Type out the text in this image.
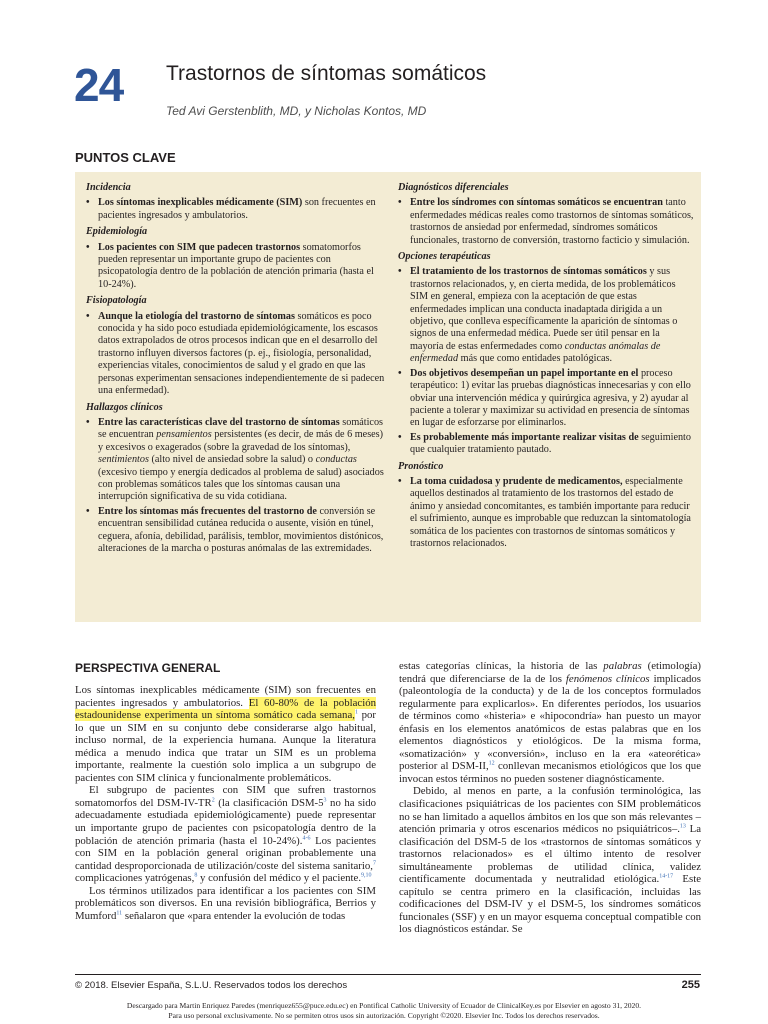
24 Trastornos de síntomas somáticos
Ted Avi Gerstenblith, MD, y Nicholas Kontos, MD
PUNTOS CLAVE
Incidencia
• Los síntomas inexplicables médicamente (SIM) son frecuentes en pacientes ingresados y ambulatorios.
Epidemiología
• Los pacientes con SIM que padecen trastornos somatomorfos pueden representar un importante grupo de pacientes con psicopatología dentro de la población de atención primaria (hasta el 10-24%).
Fisiopatología
• Aunque la etiología del trastorno de síntomas somáticos es poco conocida y ha sido poco estudiada epidemiológicamente, los escasos datos extrapolados de otros procesos indican que en el desarrollo del trastorno influyen diversos factores (p. ej., fisiología, personalidad, experiencias vitales, conocimientos de salud y el grado en que las personas experimentan sensaciones independientemente de si padecen una enfermedad).
Hallazgos clínicos
• Entre las características clave del trastorno de síntomas somáticos se encuentran pensamientos persistentes (es decir, de más de 6 meses) y excesivos o exagerados (sobre la gravedad de los síntomas), sentimientos (alto nivel de ansiedad sobre la salud) o conductas (excesivo tiempo y energía dedicados al problema de salud) asociados con problemas somáticos tales que los síntomas causan una interrupción significativa de su vida cotidiana.
• Entre los síntomas más frecuentes del trastorno de conversión se encuentran sensibilidad cutánea reducida o ausente, visión en túnel, ceguera, afonía, debilidad, parálisis, temblor, movimientos distónicos, alteraciones de la marcha o posturas anómalas de las extremidades.
Diagnósticos diferenciales
• Entre los síndromes con síntomas somáticos se encuentran tanto enfermedades médicas reales como trastornos de síntomas somáticos, trastornos de ansiedad por enfermedad, síndromes somáticos funcionales, trastorno de conversión, trastorno facticio y simulación.
Opciones terapéuticas
• El tratamiento de los trastornos de síntomas somáticos y sus trastornos relacionados, y, en cierta medida, de los problemáticos SIM en general, empieza con la aceptación de que estas enfermedades implican una conducta inadaptada dirigida a un objetivo, que conlleva específicamente la aparición de síntomas o signos de una enfermedad médica. Puede ser útil pensar en la mayoría de estas enfermedades como conductas anómalas de enfermedad más que como entidades patológicas.
• Dos objetivos desempeñan un papel importante en el proceso terapéutico: 1) evitar las pruebas diagnósticas innecesarias y con ello obviar una intervención médica y quirúrgica agresiva, y 2) ayudar al paciente a tolerar y maximizar su actividad en presencia de síntomas en lugar de esforzarse por eliminarlos.
• Es probablemente más importante realizar visitas de seguimiento que cualquier tratamiento pautado.
Pronóstico
• La toma cuidadosa y prudente de medicamentos, especialmente aquellos destinados al tratamiento de los trastornos del estado de ánimo y ansiedad concomitantes, es también importante para reducir el sufrimiento, aunque es improbable que reduzcan la sintomatología somática de los pacientes con trastornos de síntomas somáticos y trastornos relacionados.
PERSPECTIVA GENERAL

Los síntomas inexplicables médicamente (SIM) son frecuentes en pacientes ingresados y ambulatorios. El 60-80% de la población estadounidense experimenta un síntoma somático cada semana,$^1$ por lo que un SIM en su conjunto debe considerarse algo habitual, incluso normal, de la experiencia humana. Aunque la literatura médica a menudo indica que tratar un SIM es un problema importante, realmente la cuestión solo implica a un subgrupo de pacientes con SIM clínica y funcionalmente problemáticos.

El subgrupo de pacientes con SIM que sufren trastornos somatomorfos del DSM-$IV-TR^2$ (la clasificación DSM-$5^3$ no ha sido adecuadamente estudiada epidemiológicamente) puede representar un importante grupo de pacientes con psicopatología dentro de la población de atención primaria (hasta el 10-24%).$^{4-6}$ Los pacientes con SIM en la población general originan probablemente una cantidad desproporcionada de utilización/coste del sistema sanitario,$^7$ complicaciones yatrógenas,$^8$ y confusión del médico y el paciente.$^{9,10}$

Los términos utilizados para identificar a los pacientes con SIM problemáticos son diversos. En una revisión bibliográfica, Berrios y Mumford$^{11}$ señalaron que «para entender la evolución de todas

estas categorías clínicas, la historia de las palabras (etimología) tendrá que diferenciarse de la de los fenómenos clínicos implicados (paleontología de la conducta) y de la de los conceptos formulados regularmente para explicarlos». En diferentes períodos, los usuarios de términos como «histeria» e «hipocondría» han puesto un mayor énfasis en los elementos anatómicos de estas palabras que en los elementos diagnósticos y etiológicos. De la misma forma, «somatización» y «conversión», incluso en la era «ateorética» posterior al DSM-II,$^{12}$ conllevan mecanismos etiológicos que los que invocan estos términos no pueden sostener diagnósticamente.

Debido, al menos en parte, a la confusión terminológica, las clasificaciones psiquiátricas de los pacientes con SIM problemáticos no se han limitado a aquellos ámbitos en los que son más relevantes –atención primaria y otros escenarios médicos no psiquiátricos–.$^{13}$ La clasificación del DSM-5 de los «trastornos de síntomas somáticos y trastornos relacionados» es el último intento de resolver simultáneamente problemas de utilidad clínica, validez científicamente documentada y neutralidad etiológica.$^{14-17}$ Este capítulo se centra primero en la clasificación, incluidas las codificaciones del DSM-IV y el DSM-5, los síndromes somáticos funcionales (SSF) y en un mayor esquema conceptual compatible con los diagnósticos estándar. Se

© 2018. Elsevier España, S.L.U. Reservados todos los derechos	255
Descargado para Martin Enriquez Paredes (menriquez655@puce.edu.ec) en Pontifical Catholic University of Ecuador de ClinicalKey.es por Elsevier en agosto 31, 2020.
Para uso personal exclusivamente. No se permiten otros usos sin autorización. Copyright ©2020. Elsevier Inc. Todos los derechos reservados.
